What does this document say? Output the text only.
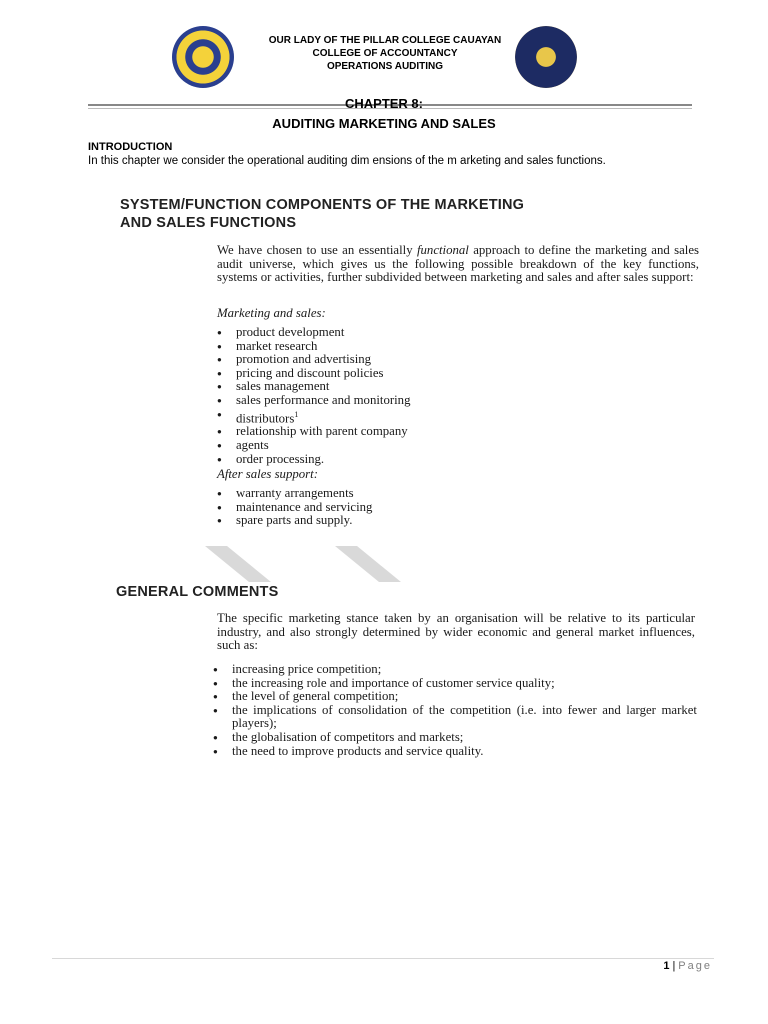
OUR LADY OF THE PILLAR COLLEGE CAUAYAN
COLLEGE OF ACCOUNTANCY
OPERATIONS AUDITING
CHAPTER 8:
AUDITING MARKETING AND SALES
INTRODUCTION
In this chapter we consider the operational auditing dim ensions of the m arketing and sales functions.
SYSTEM/FUNCTION COMPONENTS OF THE MARKETING
AND SALES FUNCTIONS
We have chosen to use an essentially functional approach to define the marketing and sales audit universe, which gives us the following possible breakdown of the key functions, systems or activities, further subdivided between marketing and sales and after sales support:
Marketing and sales:
● product development
● market research
● promotion and advertising
● pricing and discount policies
● sales management
● sales performance and monitoring
● distributors$^1$
● relationship with parent company
● agents
● order processing.
After sales support:
● warranty arrangements
● maintenance and servicing
● spare parts and supply.
GENERAL COMMENTS
The specific marketing stance taken by an organisation will be relative to its particular industry, and also strongly determined by wider economic and general market influences, such as:
● increasing price competition;
● the increasing role and importance of customer service quality;
● the level of general competition;
● the implications of consolidation of the competition (i.e. into fewer and larger market players);
● the globalisation of competitors and markets;
● the need to improve products and service quality.
1 | Page
